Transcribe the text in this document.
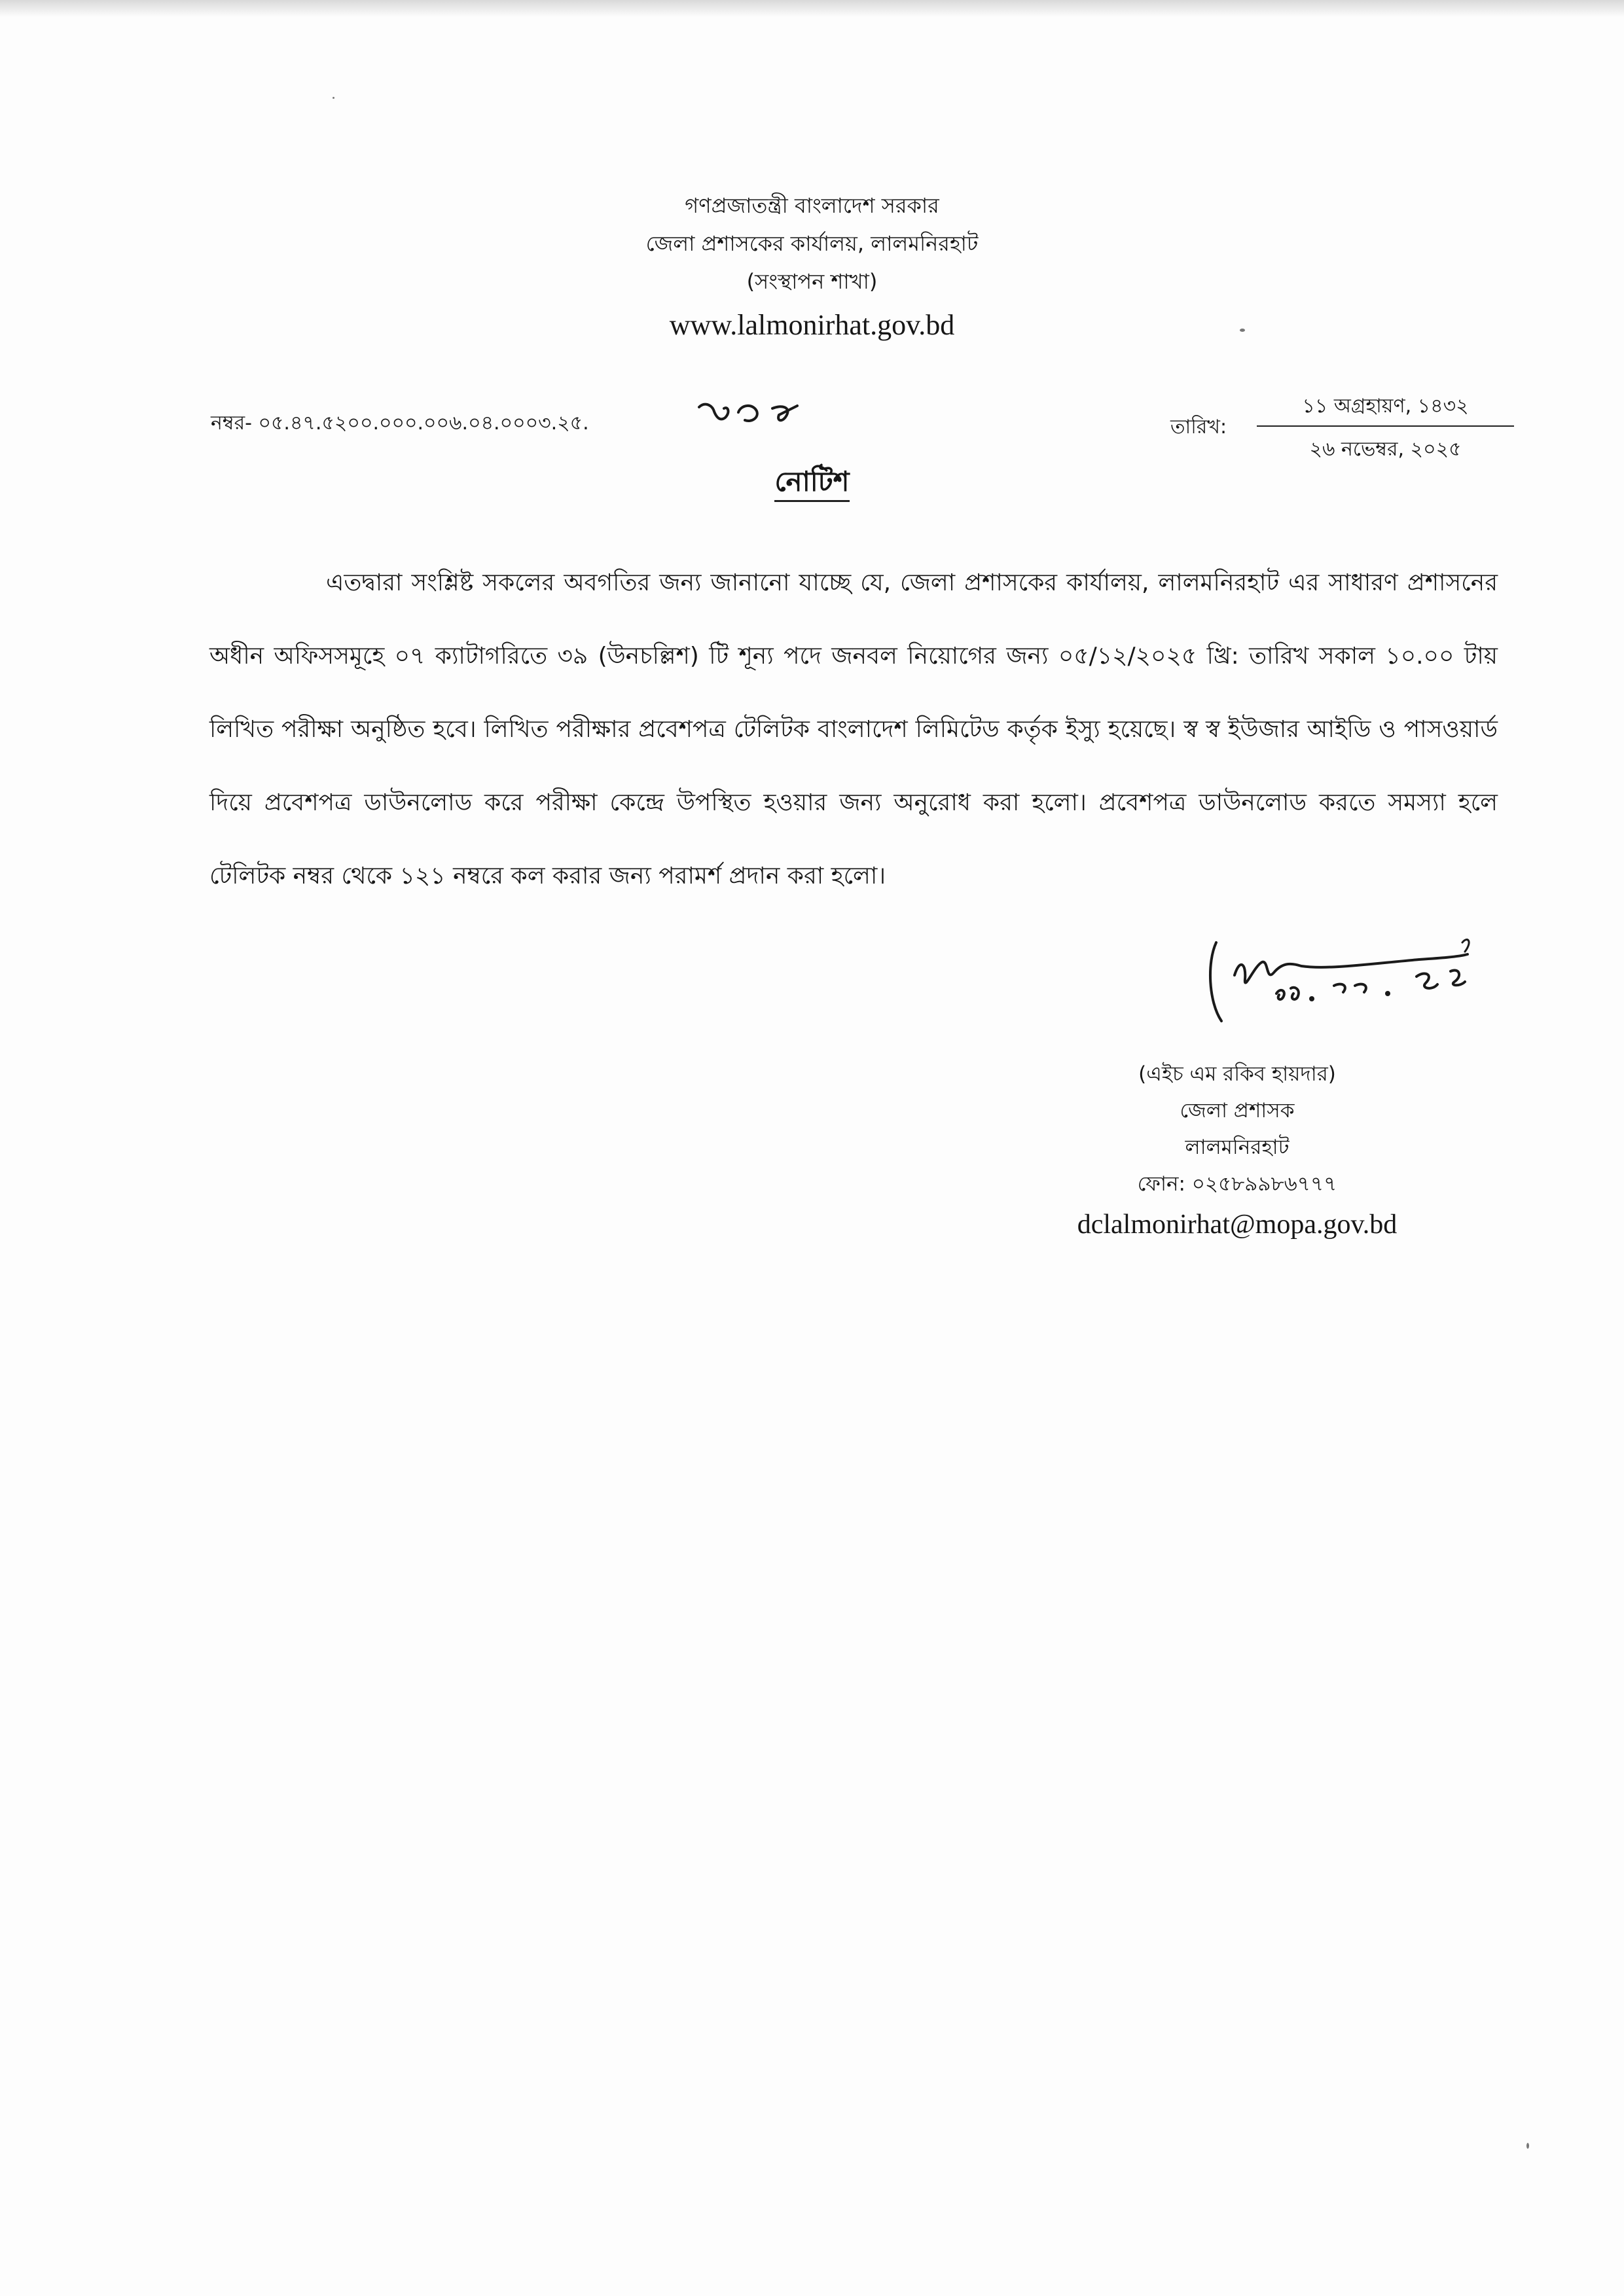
গণপ্রজাতন্ত্রী বাংলাদেশ সরকার
জেলা প্রশাসকের কার্যালয়, লালমনিরহাট
(সংস্থাপন শাখা)
www.lalmonirhat.gov.bd
নম্বর- ০৫.৪৭.৫২০০.০০০.০০৬.০৪.০০০৩.২৫.	তারিখ:
১১ অগ্রহায়ণ, ১৪৩২
২৬ নভেম্বর, ২০২৫
নোটিশ
এতদ্বারা সংশ্লিষ্ট সকলের অবগতির জন্য জানানো যাচ্ছে যে, জেলা প্রশাসকের কার্যালয়, লালমনিরহাট এর সাধারণ প্রশাসনের অধীন অফিসসমূহে ০৭ ক্যাটাগরিতে ৩৯ (উনচল্লিশ) টি শূন্য পদে জনবল নিয়োগের জন্য ০৫/১২/২০২৫ খ্রি: তারিখ সকাল ১০.০০ টায় লিখিত পরীক্ষা অনুষ্ঠিত হবে। লিখিত পরীক্ষার প্রবেশপত্র টেলিটক বাংলাদেশ লিমিটেড কর্তৃক ইস্যু হয়েছে। স্ব স্ব ইউজার আইডি ও পাসওয়ার্ড দিয়ে প্রবেশপত্র ডাউনলোড করে পরীক্ষা কেন্দ্রে উপস্থিত হওয়ার জন্য অনুরোধ করা হলো। প্রবেশপত্র ডাউনলোড করতে সমস্যা হলে টেলিটক নম্বর থেকে ১২১ নম্বরে কল করার জন্য পরামর্শ প্রদান করা হলো।
(এইচ এম রকিব হায়দার)
জেলা প্রশাসক
লালমনিরহাট
ফোন: ০২৫৮৯৯৮৬৭৭৭
dclalmonirhat@mopa.gov.bd
